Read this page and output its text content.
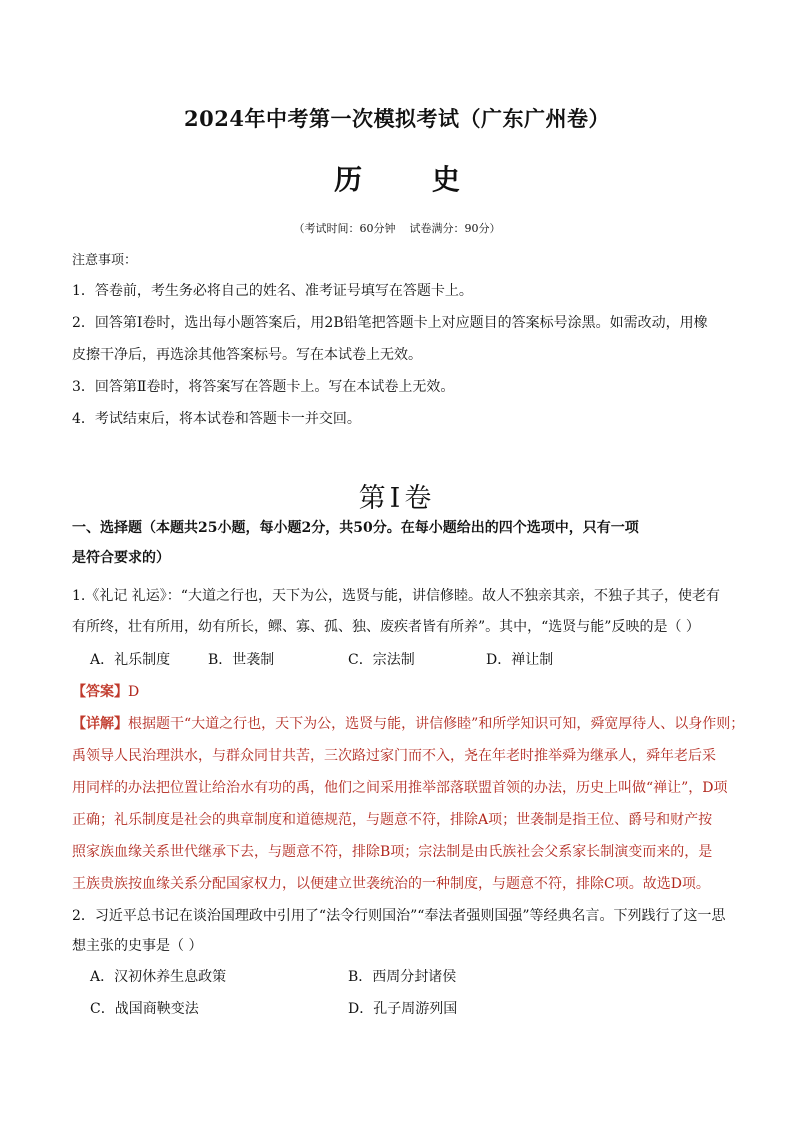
2024年中考第一次模拟考试（广东广州卷）
历 史
（考试时间：60分钟 试卷满分：90分）
注意事项：
1．答卷前，考生务必将自己的姓名、准考证号填写在答题卡上。
2．回答第Ⅰ卷时，选出每小题答案后，用2B铅笔把答题卡上对应题目的答案标号涂黑。如需改动，用橡
皮擦干净后，再选涂其他答案标号。写在本试卷上无效。
3．回答第Ⅱ卷时，将答案写在答题卡上。写在本试卷上无效。
4．考试结束后，将本试卷和答题卡一并交回。
第Ⅰ卷
一、选择题（本题共25小题，每小题2分，共50分。在每小题给出的四个选项中，只有一项
是符合要求的）
1.《礼记 礼运》：“大道之行也，天下为公，选贤与能，讲信修睦。故人不独亲其亲，不独子其子，使老有
有所终，壮有所用，幼有所长，鳏、寡、孤、独、废疾者皆有所养”。其中，“选贤与能”反映的是（ ）
A．礼乐制度	B．世袭制	C．宗法制	D．禅让制
【答案】D
【详解】根据题干“大道之行也，天下为公，选贤与能，讲信修睦”和所学知识可知，舜宽厚待人、以身作则；
禹领导人民治理洪水，与群众同甘共苦，三次路过家门而不入，尧在年老时推举舜为继承人，舜年老后采
用同样的办法把位置让给治水有功的禹，他们之间采用推举部落联盟首领的办法，历史上叫做“禅让”，D项
正确；礼乐制度是社会的典章制度和道德规范，与题意不符，排除A项；世袭制是指王位、爵号和财产按
照家族血缘关系世代继承下去，与题意不符，排除B项；宗法制是由氏族社会父系家长制演变而来的，是
王族贵族按血缘关系分配国家权力，以便建立世袭统治的一种制度，与题意不符，排除C项。故选D项。
2．习近平总书记在谈治国理政中引用了“法令行则国治”“奉法者强则国强”等经典名言。下列践行了这一思
想主张的史事是（ ）
A．汉初休养生息政策	B．西周分封诸侯
C．战国商鞅变法	D．孔子周游列国
